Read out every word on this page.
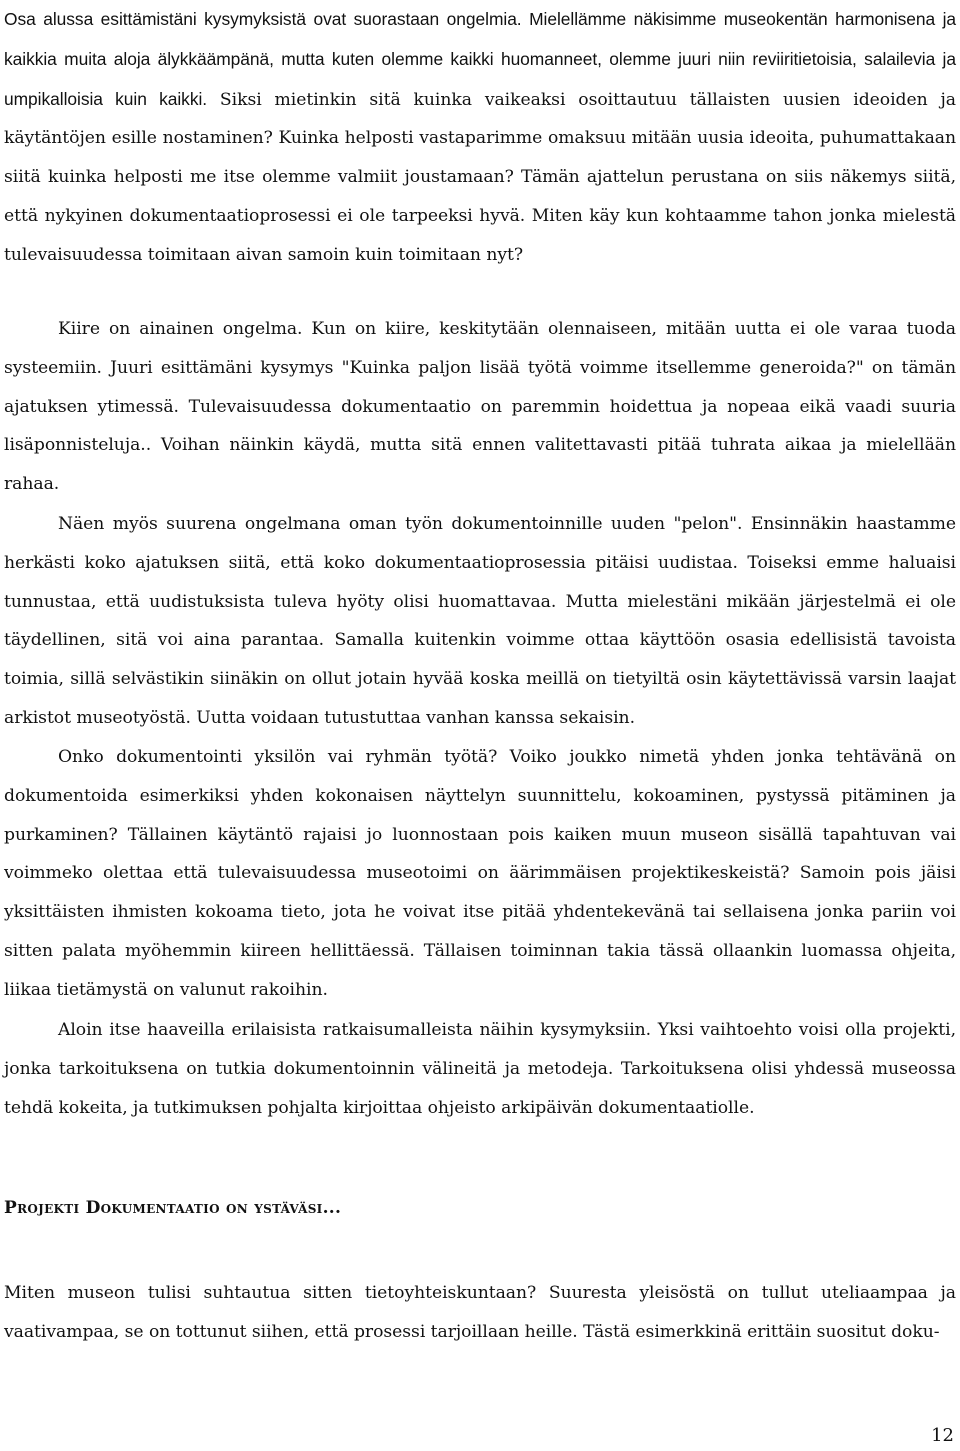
Osa alussa esittämistäni kysymyksistä ovat suorastaan ongelmia. Mielellämme näkisimme museokentän harmonisena ja kaikkia muita aloja älykkäämpänä, mutta kuten olemme kaikki huomanneet, olemme juuri niin reviiritietoisia, salailevia ja umpikalloisia kuin kaikki. Siksi mietinkin sitä kuinka vaikeaksi osoittautuu tällaisten uusien ideoiden ja käytäntöjen esille nostaminen? Kuinka helposti vastaparimme omaksuu mitään uusia ideoita, puhumattakaan siitä kuinka helposti me itse olemme valmiit joustamaan? Tämän ajattelun perustana on siis näkemys siitä, että nykyinen dokumentaatioprosessi ei ole tarpeeksi hyvä. Miten käy kun kohtaamme tahon jonka mielestä tulevaisuudessa toimitaan aivan samoin kuin toimitaan nyt?

Kiire on ainainen ongelma. Kun on kiire, keskitytään olennaiseen, mitään uutta ei ole varaa tuoda systeemiin. Juuri esittämäni kysymys "Kuinka paljon lisää työtä voimme itsellemme generoida?" on tämän ajatuksen ytimessä. Tulevaisuudessa dokumentaatio on paremmin hoidettua ja nopeaa eikä vaadi suuria lisäponnisteluja.. Voihan näinkin käydä, mutta sitä ennen valitettavasti pitää tuhrata aikaa ja mielellään rahaa.

Näen myös suurena ongelmana oman työn dokumentoinnille uuden "pelon". Ensinnäkin haastamme herkästi koko ajatuksen siitä, että koko dokumentaatioprosessia pitäisi uudistaa. Toiseksi emme haluaisi tunnustaa, että uudistuksista tuleva hyöty olisi huomattavaa. Mutta mielestäni mikään järjestelmä ei ole täydellinen, sitä voi aina parantaa. Samalla kuitenkin voimme ottaa käyttöön osasia edellisistä tavoista toimia, sillä selvästikin siinäkin on ollut jotain hyvää koska meillä on tietyiltä osin käytettävissä varsin laajat arkistot museotyöstä. Uutta voidaan tutustuttaa vanhan kanssa sekaisin.

Onko dokumentointi yksilön vai ryhmän työtä? Voiko joukko nimetä yhden jonka tehtävänä on dokumentoida esimerkiksi yhden kokonaisen näyttelyn suunnittelu, kokoaminen, pystyssä pitäminen ja purkaminen? Tällainen käytäntö rajaisi jo luonnostaan pois kaiken muun museon sisällä tapahtuvan vai voimmeko olettaa että tulevaisuudessa museotoimi on äärimmäisen projektikeskeistä? Samoin pois jäisi yksittäisten ihmisten kokoama tieto, jota he voivat itse pitää yhdentekevänä tai sellaisena jonka pariin voi sitten palata myöhemmin kiireen hellittäessä. Tällaisen toiminnan takia tässä ollaankin luomassa ohjeita, liikaa tietämystä on valunut rakoihin.

Aloin itse haaveilla erilaisista ratkaisumalleista näihin kysymyksiin. Yksi vaihtoehto voisi olla projekti, jonka tarkoituksena on tutkia dokumentoinnin välineitä ja metodeja. Tarkoituksena olisi yhdessä museossa tehdä kokeita, ja tutkimuksen pohjalta kirjoittaa ohjeisto arkipäivän dokumentaatiolle.

Projekti Dokumentaatio on ystäväsi...

Miten museon tulisi suhtautua sitten tietoyhteiskuntaan? Suuresta yleisöstä on tullut uteliaampaa ja vaativampaa, se on tottunut siihen, että prosessi tarjoillaan heille. Tästä esimerkkinä erittäin suositut doku-

12
